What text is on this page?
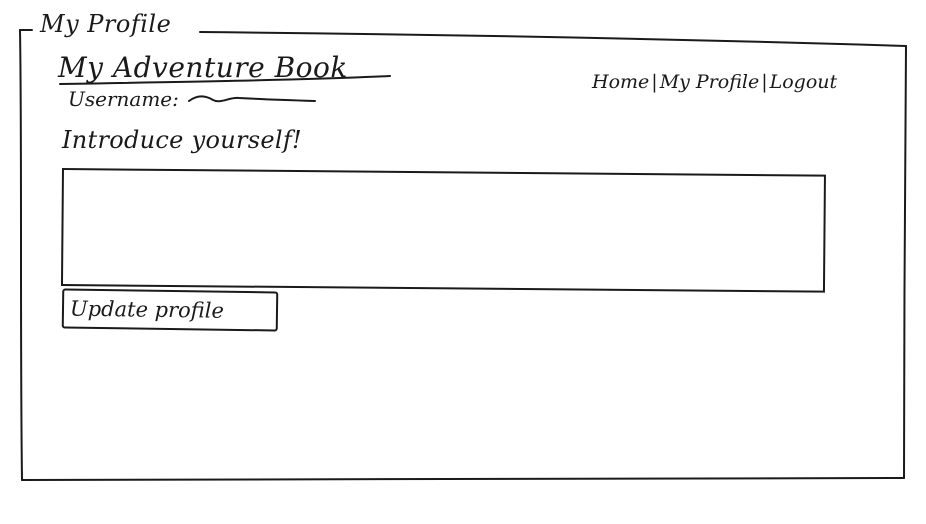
My Profile
My Adventure Book
Username:
Introduce yourself!
Home | My Profile | Logout
Update profile
